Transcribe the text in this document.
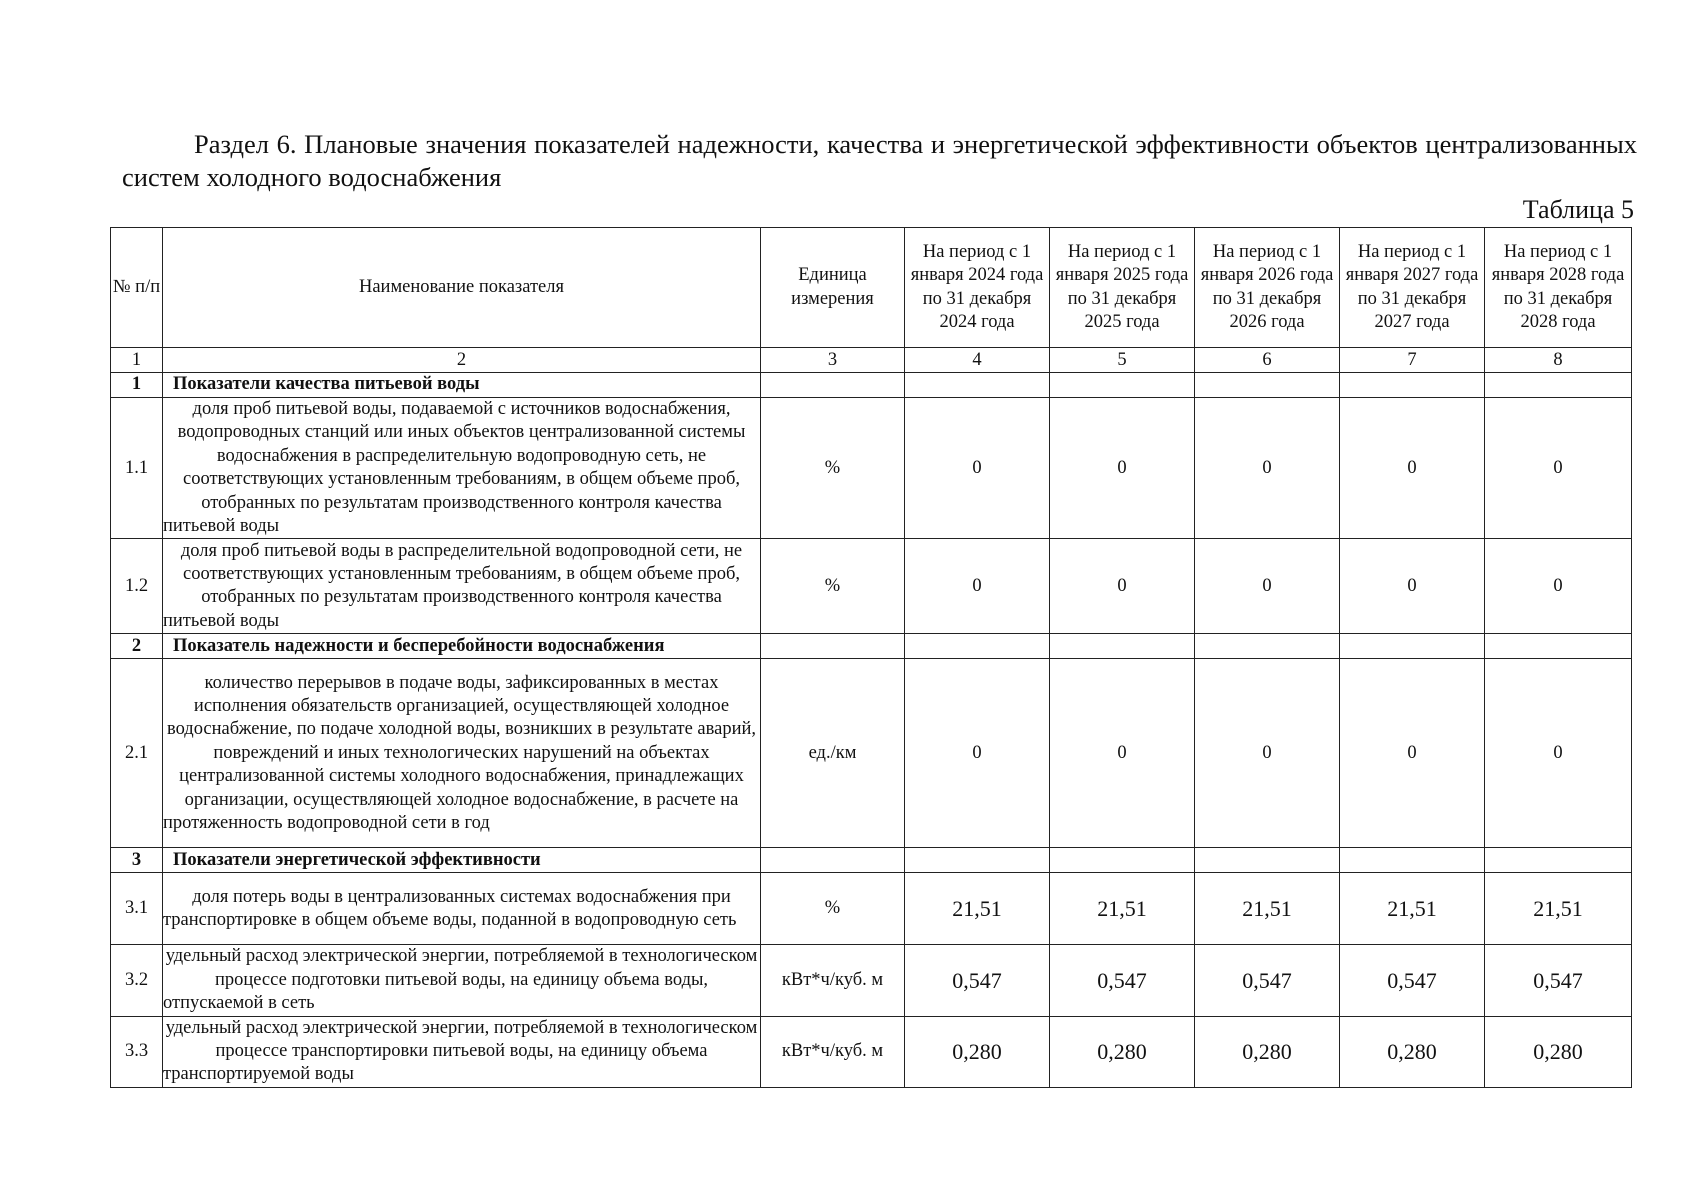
Раздел 6. Плановые значения показателей надежности, качества и энергетической эффективности объектов централизованных систем холодного водоснабжения

Таблица 5
№ п/п	Наименование показателя	Единица измерения	На период с 1 января 2024 года по 31 декабря 2024 года	На период с 1 января 2025 года по 31 декабря 2025 года	На период с 1 января 2026 года по 31 декабря 2026 года	На период с 1 января 2027 года по 31 декабря 2027 года	На период с 1 января 2028 года по 31 декабря 2028 года
1	2	3	4	5	6	7	8
1	Показатели качества питьевой воды						
1.1	доля проб питьевой воды, подаваемой с источников водоснабжения, водопроводных станций или иных объектов централизованной системы водоснабжения в распределительную водопроводную сеть, не соответствующих установленным требованиям, в общем объеме проб, отобранных по результатам производственного контроля качества питьевой воды	%	0	0	0	0	0
1.2	доля проб питьевой воды в распределительной водопроводной сети, не соответствующих установленным требованиям, в общем объеме проб, отобранных по результатам производственного контроля качества питьевой воды	%	0	0	0	0	0
2	Показатель надежности и бесперебойности водоснабжения						
2.1	количество перерывов в подаче воды, зафиксированных в местах исполнения обязательств организацией, осуществляющей холодное водоснабжение, по подаче холодной воды, возникших в результате аварий, повреждений и иных технологических нарушений на объектах централизованной системы холодного водоснабжения, принадлежащих организации, осуществляющей холодное водоснабжение, в расчете на протяженность водопроводной сети в год	ед./км	0	0	0	0	0
3	Показатели энергетической эффективности						
3.1	доля потерь воды в централизованных системах водоснабжения при транспортировке в общем объеме воды, поданной в водопроводную сеть	%	21,51	21,51	21,51	21,51	21,51
3.2	удельный расход электрической энергии, потребляемой в технологическом процессе подготовки питьевой воды, на единицу объема воды, отпускаемой в сеть	кВт*ч/куб. м	0,547	0,547	0,547	0,547	0,547
3.3	удельный расход электрической энергии, потребляемой в технологическом процессе транспортировки питьевой воды, на единицу объема транспортируемой воды	кВт*ч/куб. м	0,280	0,280	0,280	0,280	0,280
